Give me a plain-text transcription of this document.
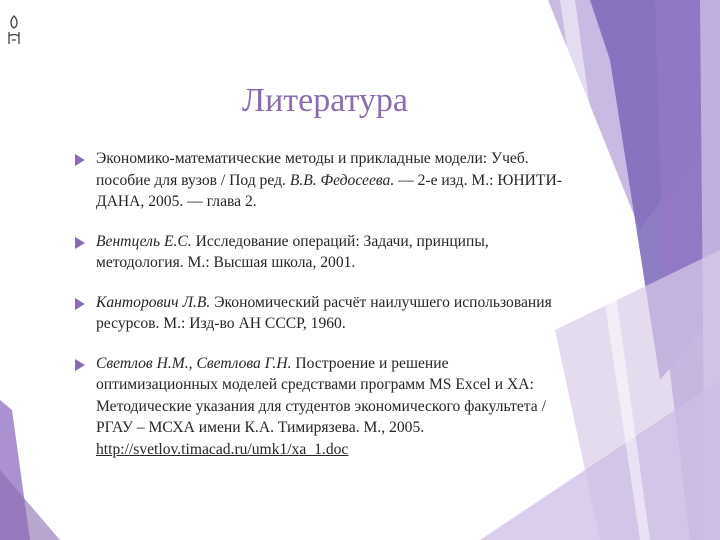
Литература
Экономико-математические методы и прикладные модели: Учеб. пособие для вузов / Под ред. В.В. Федосеева. — 2-е изд. М.: ЮНИТИ-ДАНА, 2005. — глава 2.
Вентцель Е.С. Исследование операций: Задачи, принципы, методология. М.: Высшая школа, 2001.
Канторович Л.В. Экономический расчёт наилучшего использования ресурсов. М.: Изд-во АН СССР, 1960.
Светлов Н.М., Светлова Г.Н. Построение и решение оптимизационных моделей средствами программ MS Excel и XA: Методические указания для студентов экономического факультета / РГАУ – МСХА имени К.А. Тимирязева. М., 2005.
http://svetlov.timacad.ru/umk1/xa_1.doc
